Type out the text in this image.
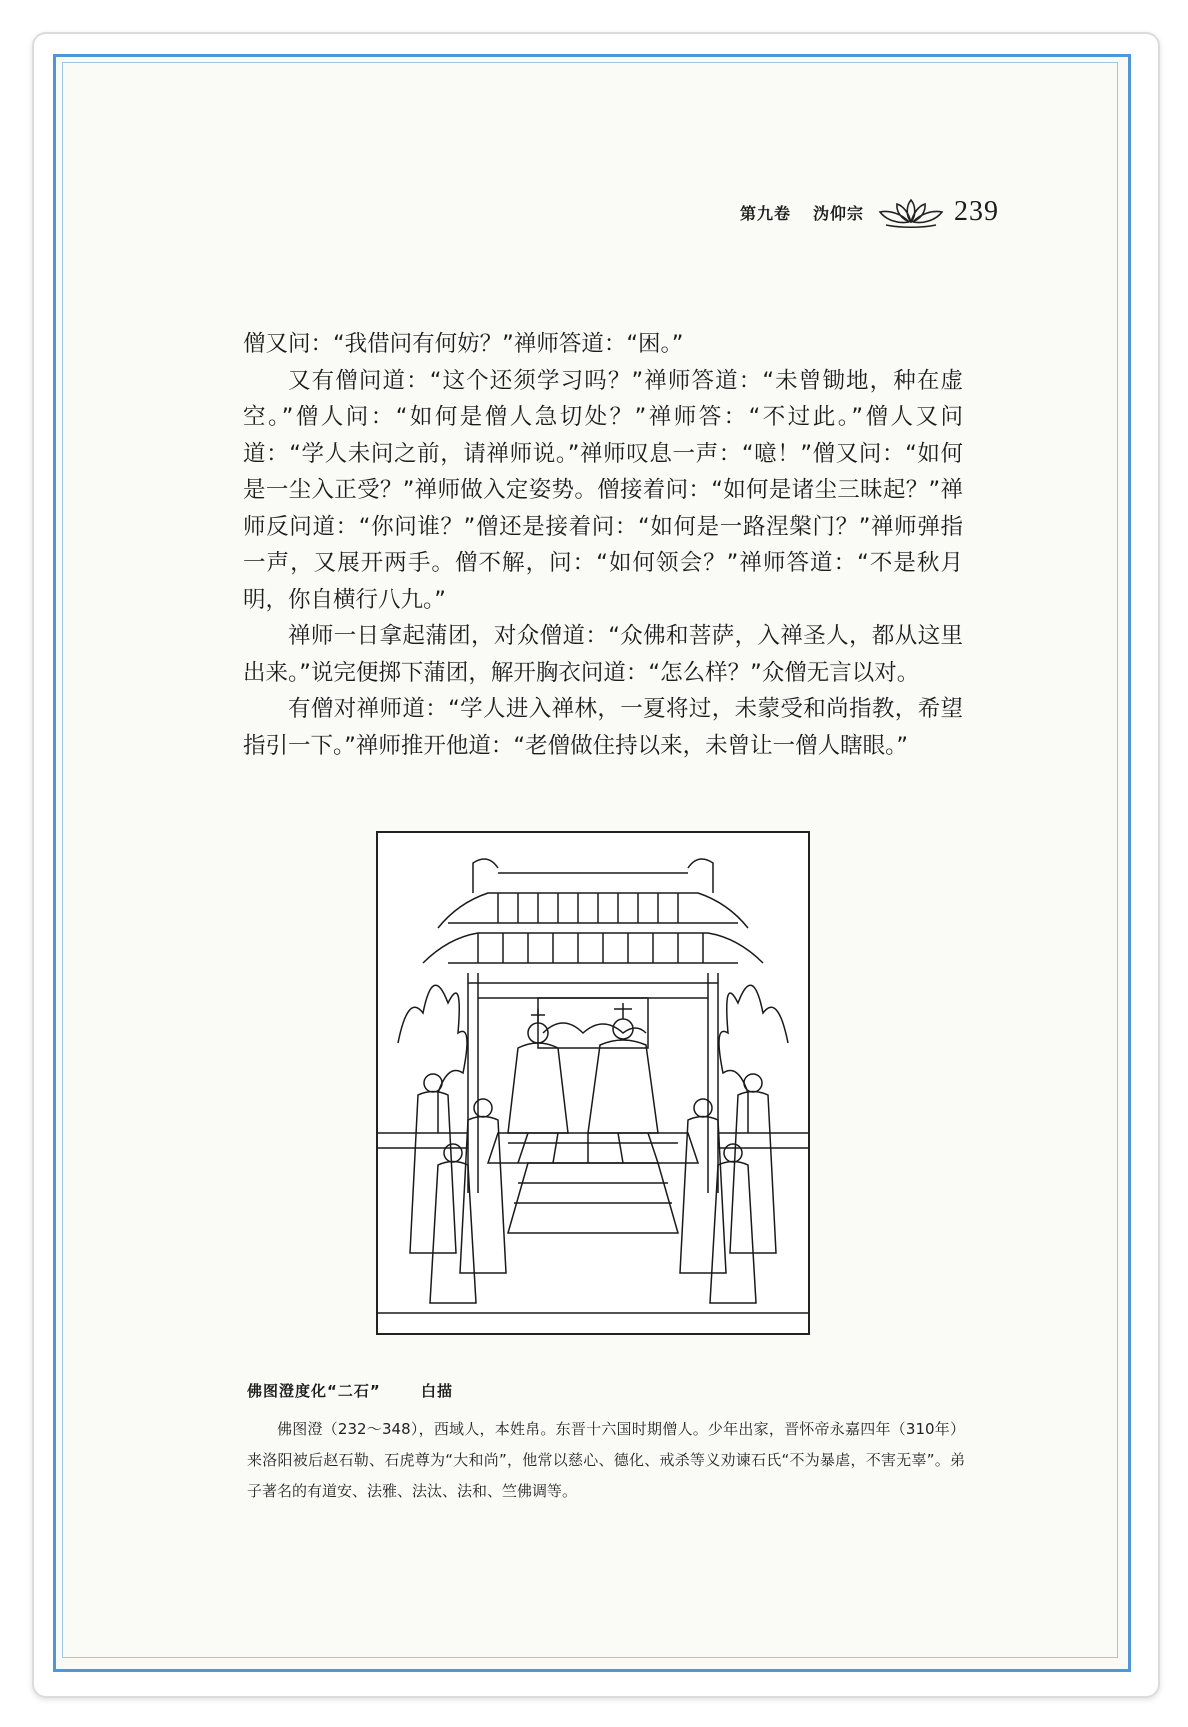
第九卷 沩仰宗	239

僧又问：“我借问有何妨？”禅师答道：“困。”

又有僧问道：“这个还须学习吗？”禅师答道：“未曾锄地，种在虚空。”僧人问：“如何是僧人急切处？”禅师答：“不过此。”僧人又问道：“学人未问之前，请禅师说。”禅师叹息一声：“噫！”僧又问：“如何是一尘入正受？”禅师做入定姿势。僧接着问：“如何是诸尘三昧起？”禅师反问道：“你问谁？”僧还是接着问：“如何是一路涅槃门？”禅师弹指一声，又展开两手。僧不解，问：“如何领会？”禅师答道：“不是秋月明，你自横行八九。”

禅师一日拿起蒲团，对众僧道：“众佛和菩萨，入禅圣人，都从这里出来。”说完便掷下蒲团，解开胸衣问道：“怎么样？”众僧无言以对。

有僧对禅师道：“学人进入禅林，一夏将过，未蒙受和尚指教，希望指引一下。”禅师推开他道：“老僧做住持以来，未曾让一僧人瞎眼。”

佛图澄度化“二石”	白描
佛图澄（232～348），西域人，本姓帛。东晋十六国时期僧人。少年出家，晋怀帝永嘉四年（310年）来洛阳被后赵石勒、石虎尊为“大和尚”，他常以慈心、德化、戒杀等义劝谏石氏“不为暴虐，不害无辜”。弟子著名的有道安、法雅、法汰、法和、竺佛调等。
